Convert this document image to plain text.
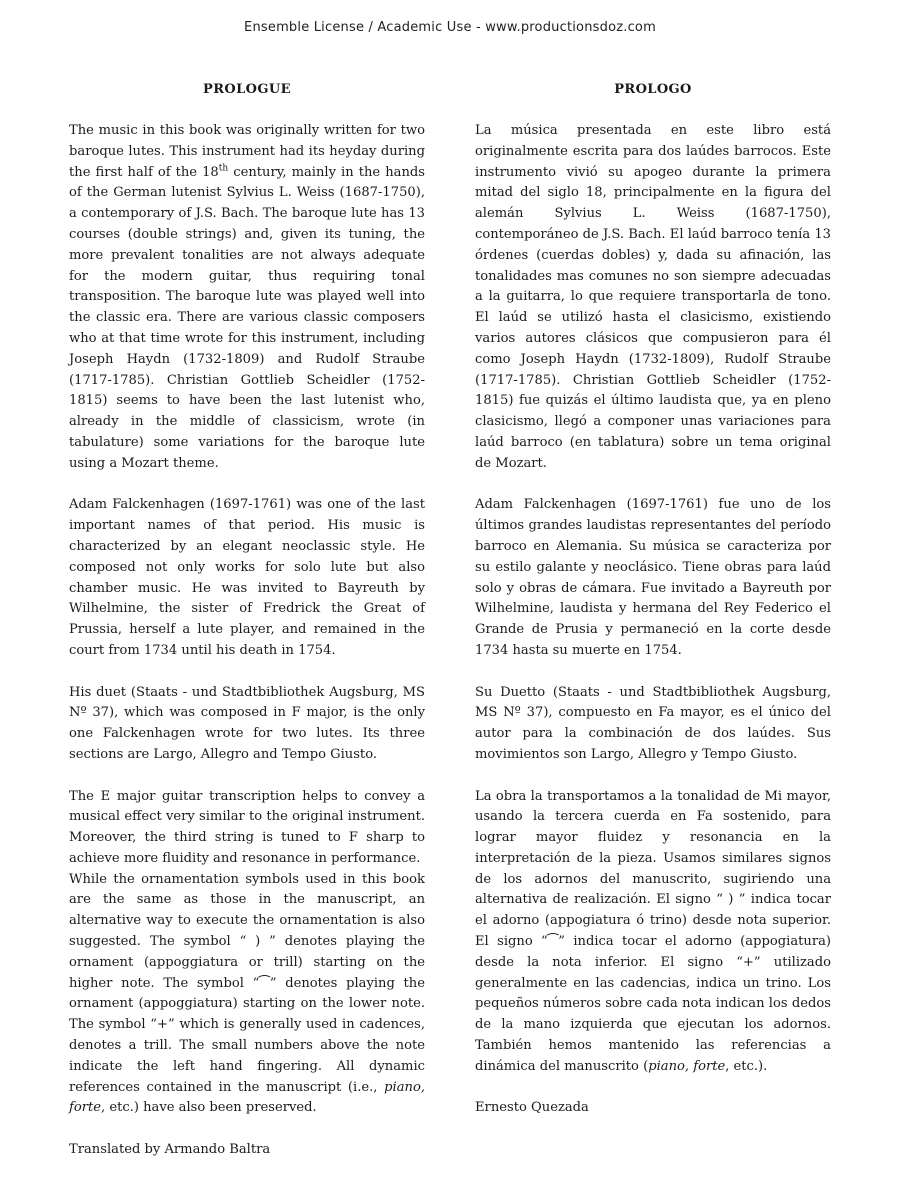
Ensemble License / Academic Use - www.productionsdoz.com
PROLOGUE
The music in this book was originally written for two baroque lutes. This instrument had its heyday during the first half of the 18th century, mainly in the hands of the German lutenist Sylvius L. Weiss (1687-1750), a contemporary of J.S. Bach. The baroque lute has 13 courses (double strings) and, given its tuning, the more prevalent tonalities are not always adequate for the modern guitar, thus requiring tonal transposition. The baroque lute was played well into the classic era. There are various classic composers who at that time wrote for this instrument, including Joseph Haydn (1732-1809) and Rudolf Straube (1717-1785). Christian Gottlieb Scheidler (1752-1815) seems to have been the last lutenist who, already in the middle of classicism, wrote (in tabulature) some variations for the baroque lute using a Mozart theme.
Adam Falckenhagen (1697-1761) was one of the last important names of that period. His music is characterized by an elegant neoclassic style. He composed not only works for solo lute but also chamber music. He was invited to Bayreuth by Wilhelmine, the sister of Fredrick the Great of Prussia, herself a lute player, and remained in the court from 1734 until his death in 1754.
His duet (Staats - und Stadtbibliothek Augsburg, MS Nº 37), which was composed in F major, is the only one Falckenhagen wrote for two lutes. Its three sections are Largo, Allegro and Tempo Giusto.
The E major guitar transcription helps to convey a musical effect very similar to the original instrument. Moreover, the third string is tuned to F sharp to achieve more fluidity and resonance in performance.
While the ornamentation symbols used in this book are the same as those in the manuscript, an alternative way to execute the ornamentation is also suggested. The symbol “ ) ” denotes playing the ornament (appoggiatura or trill) starting on the higher note. The symbol “⁀” denotes playing the ornament (appoggiatura) starting on the lower note. The symbol “+” which is generally used in cadences, denotes a trill. The small numbers above the note indicate the left hand fingering. All dynamic references contained in the manuscript (i.e., piano, forte, etc.) have also been preserved.
Translated by Armando Baltra
PROLOGO
La música presentada en este libro está originalmente escrita para dos laúdes barrocos. Este instrumento vivió su apogeo durante la primera mitad del siglo 18, principalmente en la figura del alemán Sylvius L. Weiss (1687-1750), contemporáneo de J.S. Bach. El laúd barroco tenía 13 órdenes (cuerdas dobles) y, dada su afinación, las tonalidades mas comunes no son siempre adecuadas a la guitarra, lo que requiere transportarla de tono. El laúd se utilizó hasta el clasicismo, existiendo varios autores clásicos que compusieron para él como Joseph Haydn (1732-1809), Rudolf Straube (1717-1785). Christian Gottlieb Scheidler (1752-1815) fue quizás el último laudista que, ya en pleno clasicismo, llegó a componer unas variaciones para laúd barroco (en tablatura) sobre un tema original de Mozart.
Adam Falckenhagen (1697-1761) fue uno de los últimos grandes laudistas representantes del período barroco en Alemania. Su música se caracteriza por su estilo galante y neoclásico. Tiene obras para laúd solo y obras de cámara. Fue invitado a Bayreuth por Wilhelmine, laudista y hermana del Rey Federico el Grande de Prusia y permaneció en la corte desde 1734 hasta su muerte en 1754.
Su Duetto (Staats - und Stadtbibliothek Augsburg, MS Nº 37), compuesto en Fa mayor, es el único del autor para la combinación de dos laúdes. Sus movimientos son Largo, Allegro y Tempo Giusto.
La obra la transportamos a la tonalidad de Mi mayor, usando la tercera cuerda en Fa sostenido, para lograr mayor fluidez y resonancia en la interpretación de la pieza. Usamos similares signos de los adornos del manuscrito, sugiriendo una alternativa de realización. El signo “ ) ” indica tocar el adorno (appogiatura ó trino) desde nota superior. El signo “⁀” indica tocar el adorno (appogiatura) desde la nota inferior. El signo “+” utilizado generalmente en las cadencias, indica un trino. Los pequeños números sobre cada nota indican los dedos de la mano izquierda que ejecutan los adornos. También hemos mantenido las referencias a dinámica del manuscrito (piano, forte, etc.).
Ernesto Quezada
